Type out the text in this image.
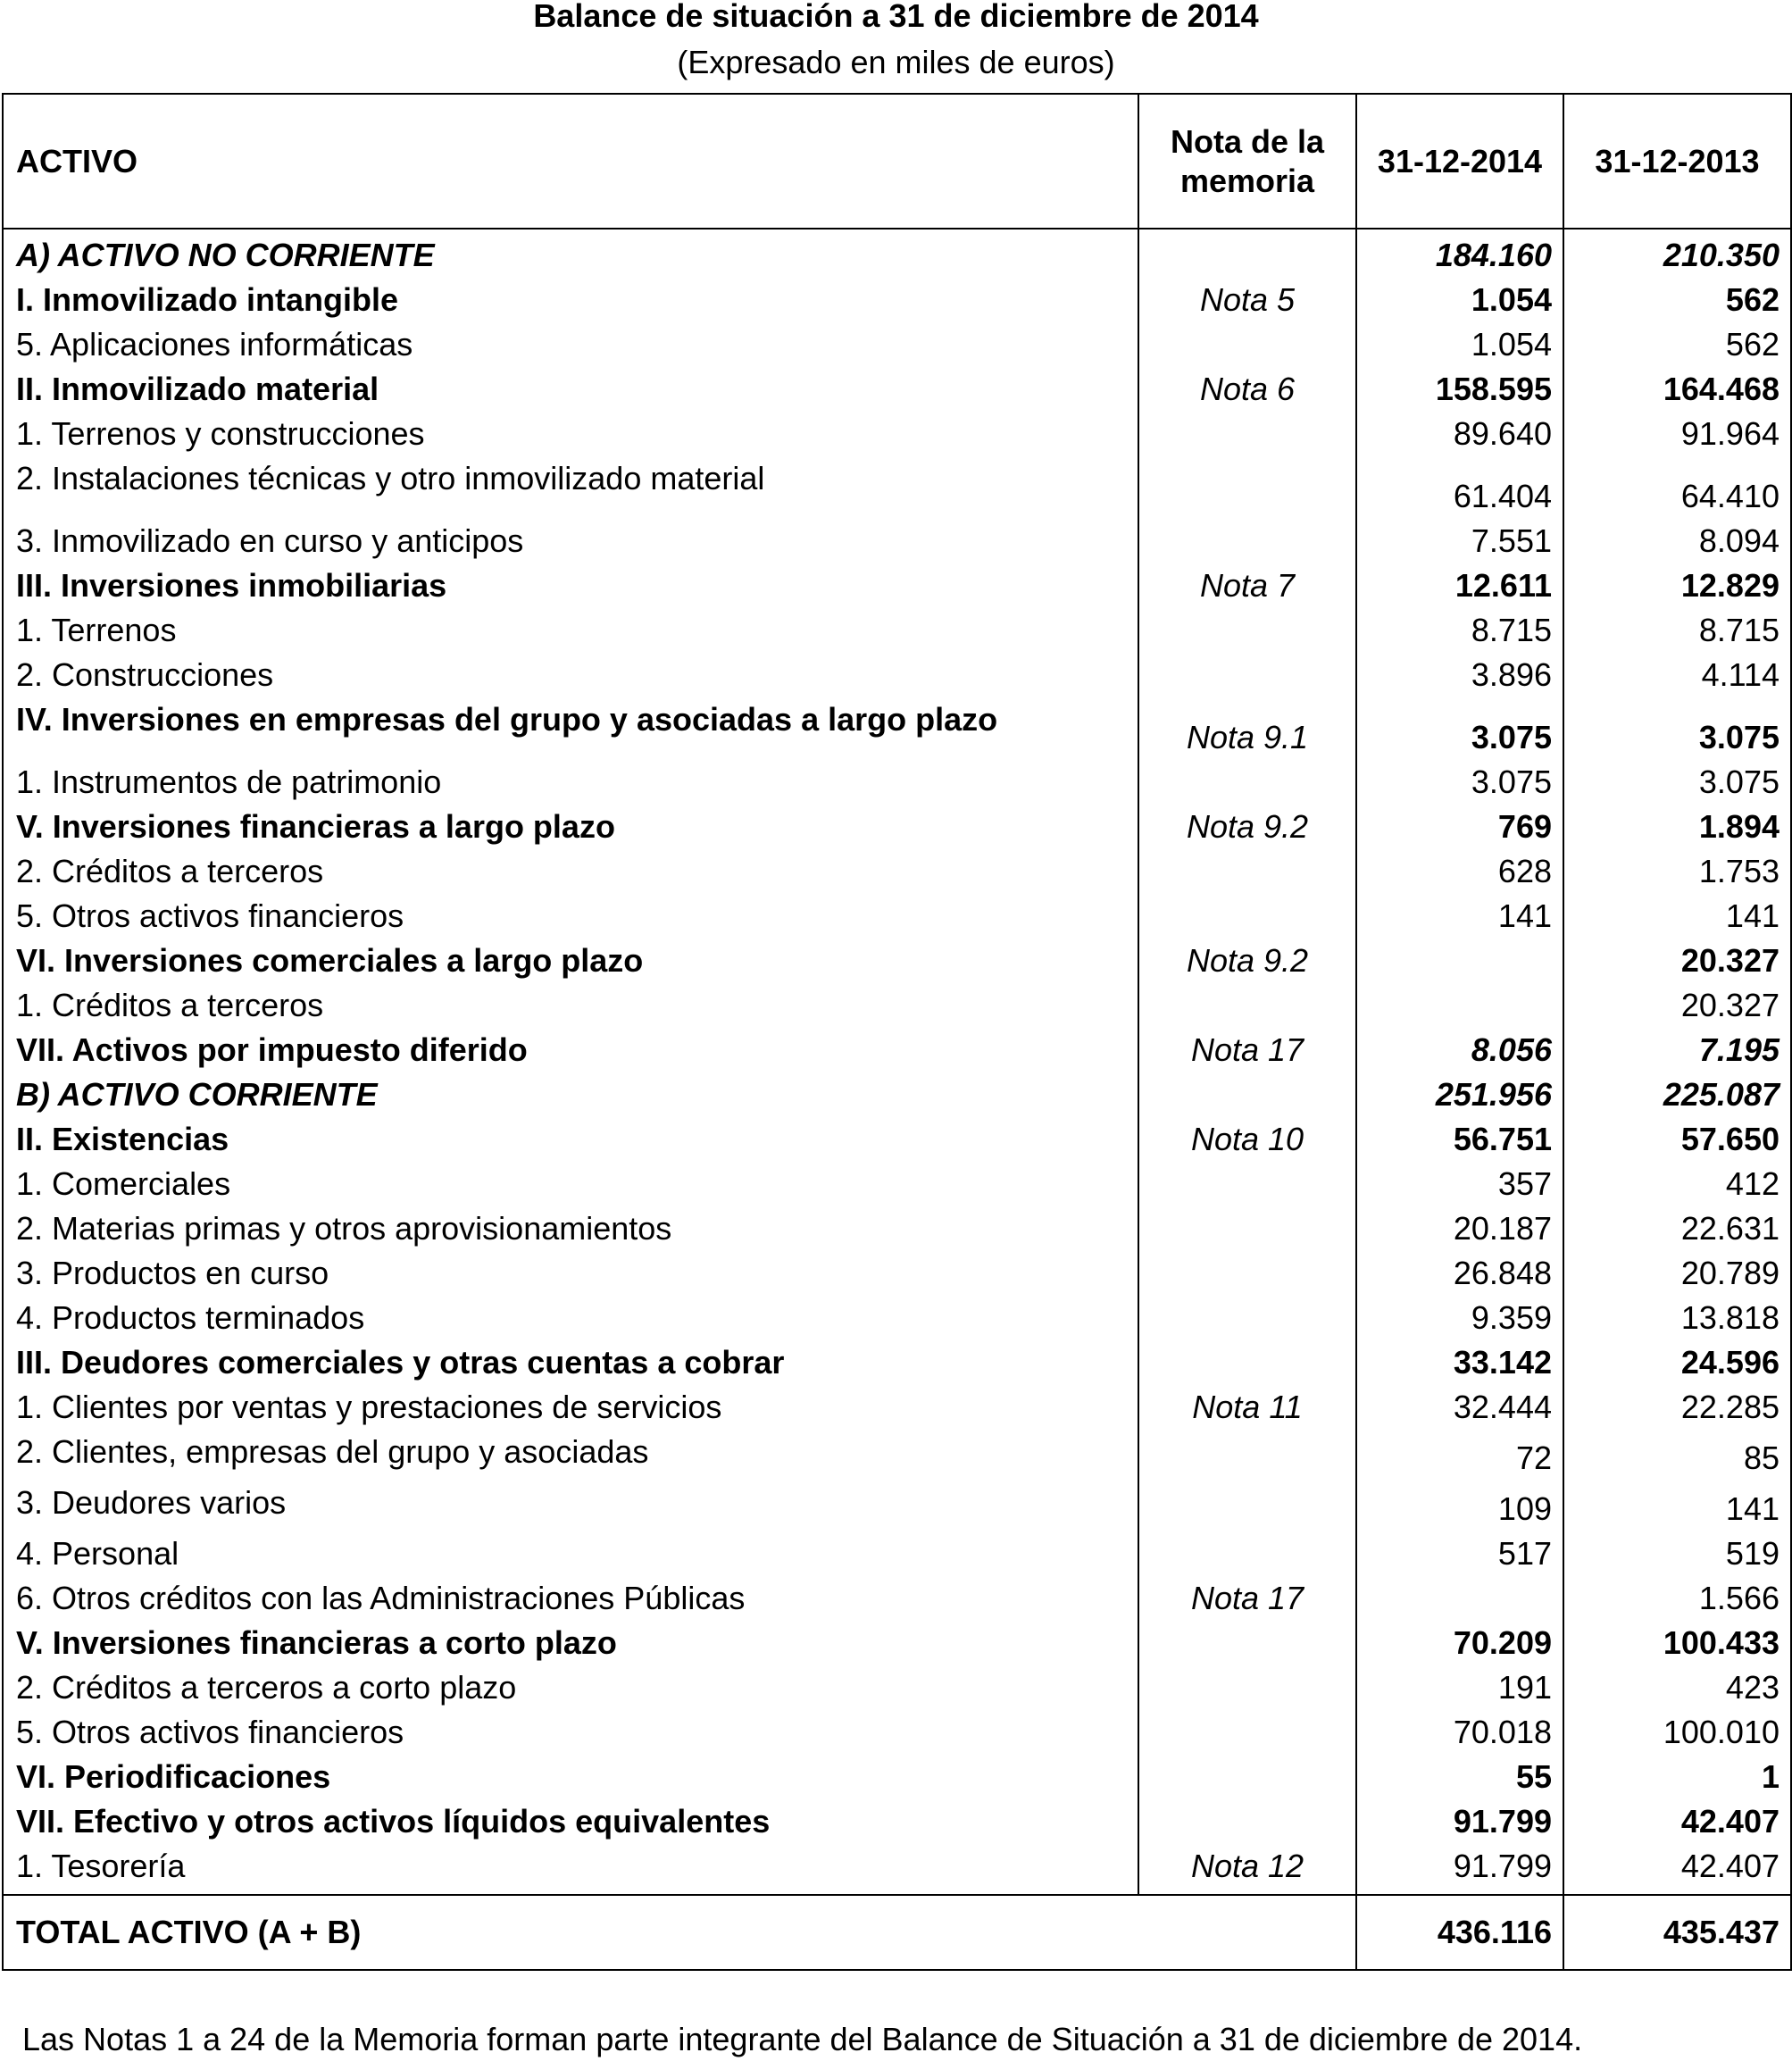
Balance de situación a 31 de diciembre de 2014
(Expresado en miles de euros)
ACTIVO	Nota de la memoria	31-12-2014	31-12-2013
A) ACTIVO NO CORRIENTE		184.160	210.350
I. Inmovilizado intangible	Nota 5	1.054	562
5. Aplicaciones informáticas		1.054	562
II. Inmovilizado material	Nota 6	158.595	164.468
1. Terrenos y construcciones		89.640	91.964
2. Instalaciones técnicas y otro inmovilizado material		61.404	64.410
3. Inmovilizado en curso y anticipos		7.551	8.094
III. Inversiones inmobiliarias	Nota 7	12.611	12.829
1. Terrenos		8.715	8.715
2. Construcciones		3.896	4.114
IV. Inversiones en empresas del grupo y asociadas a largo plazo	Nota 9.1	3.075	3.075
1. Instrumentos de patrimonio		3.075	3.075
V. Inversiones financieras a largo plazo	Nota 9.2	769	1.894
2. Créditos a terceros		628	1.753
5. Otros activos financieros		141	141
VI. Inversiones comerciales a largo plazo	Nota 9.2		20.327
1. Créditos a terceros			20.327
VII. Activos por impuesto diferido	Nota 17	8.056	7.195
B) ACTIVO CORRIENTE		251.956	225.087
II. Existencias	Nota 10	56.751	57.650
1. Comerciales		357	412
2. Materias primas y otros aprovisionamientos		20.187	22.631
3. Productos en curso		26.848	20.789
4. Productos terminados		9.359	13.818
III. Deudores comerciales y otras cuentas a cobrar		33.142	24.596
1. Clientes por ventas y prestaciones de servicios	Nota 11	32.444	22.285
2. Clientes, empresas del grupo y asociadas		72	85
3. Deudores varios		109	141
4. Personal		517	519
6. Otros créditos con las Administraciones Públicas	Nota 17		1.566
V. Inversiones financieras a corto plazo		70.209	100.433
2. Créditos a terceros a corto plazo		191	423
5. Otros activos financieros		70.018	100.010
VI. Periodificaciones		55	1
VII. Efectivo y otros activos líquidos equivalentes		91.799	42.407
1. Tesorería	Nota 12	91.799	42.407
TOTAL ACTIVO (A + B)		436.116	435.437
Las Notas 1 a 24 de la Memoria forman parte integrante del Balance de Situación a 31 de diciembre de 2014.
